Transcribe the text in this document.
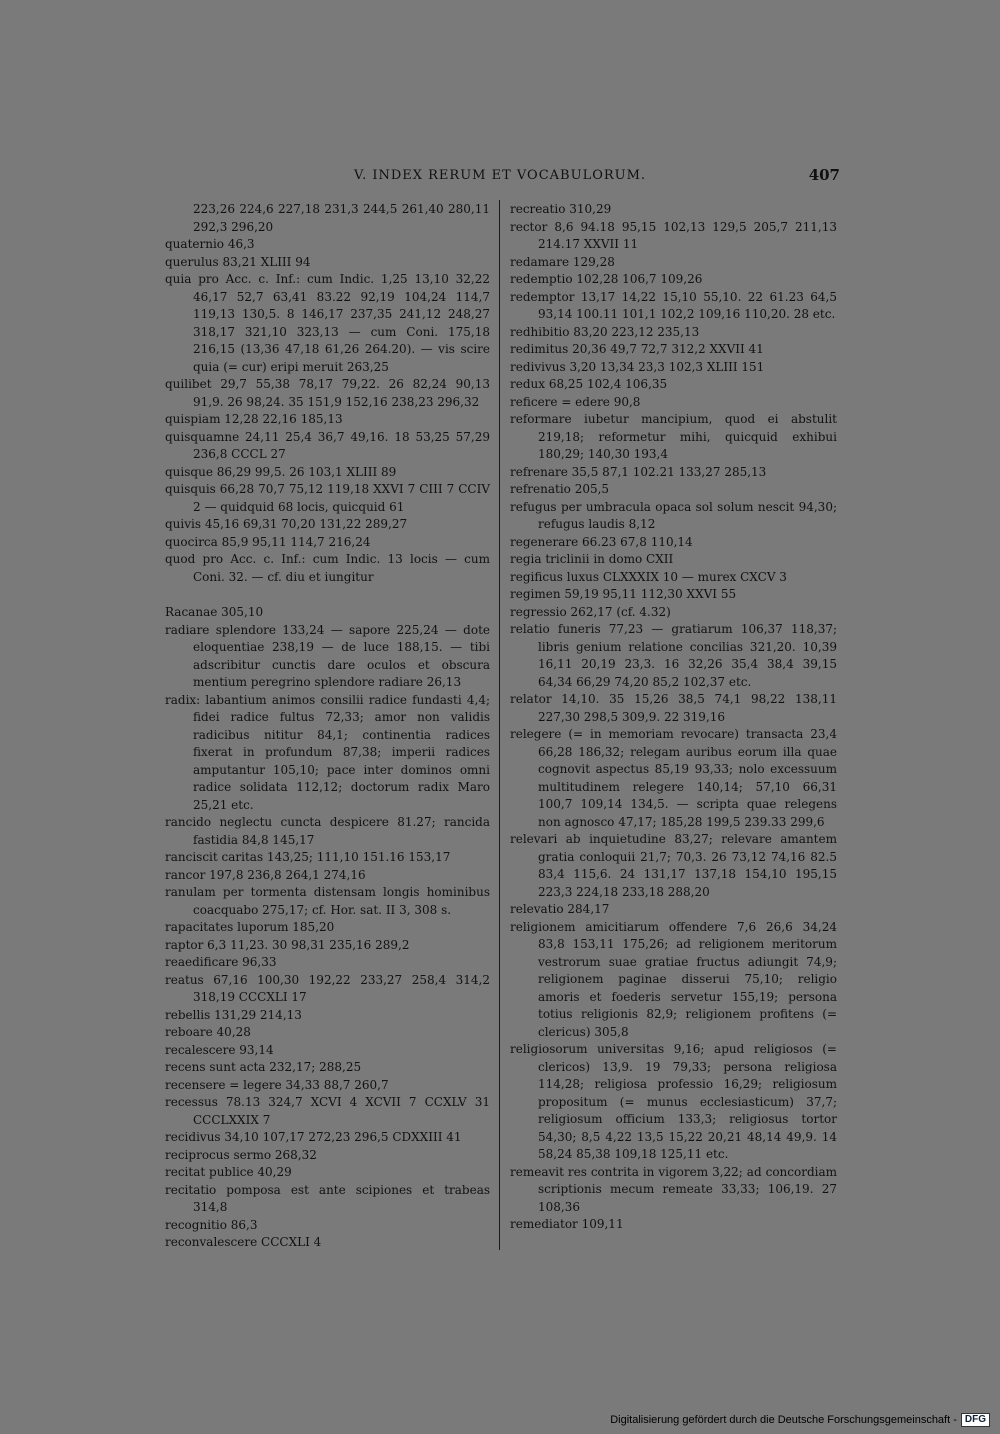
V. INDEX RERUM ET VOCABULORUM.	407

223,26 224,6 227,18 231,3 244,5 261,40 280,11 292,3 296,20

quaternio 46,3

querulus 83,21 XLIII 94

quia pro Acc. c. Inf.: cum Indic. 1,25 13,10 32,22 46,17 52,7 63,41 83.22 92,19 104,24 114,7 119,13 130,5. 8 146,17 237,35 241,12 248,27 318,17 321,10 323,13 — cum Coni. 175,18 216,15 (13,36 47,18 61,26 264.20). — vis scire quia (= cur) eripi meruit 263,25

quilibet 29,7 55,38 78,17 79,22. 26 82,24 90,13 91,9. 26 98,24. 35 151,9 152,16 238,23 296,32

quispiam 12,28 22,16 185,13

quisquamne 24,11 25,4 36,7 49,16. 18 53,25 57,29 236,8 CCCL 27

quisque 86,29 99,5. 26 103,1 XLIII 89

quisquis 66,28 70,7 75,12 119,18 XXVI 7 CIII 7 CCIV 2 — quidquid 68 locis, quicquid 61

quivis 45,16 69,31 70,20 131,22 289,27

quocirca 85,9 95,11 114,7 216,24

quod pro Acc. c. Inf.: cum Indic. 13 locis — cum Coni. 32. — cf. diu et iungitur

Racanae 305,10

radiare splendore 133,24 — sapore 225,24 — dote eloquentiae 238,19 — de luce 188,15. — tibi adscribitur cunctis dare oculos et obscura mentium peregrino splendore radiare 26,13

radix: labantium animos consilii radice fundasti 4,4; fidei radice fultus 72,33; amor non validis radicibus nititur 84,1; continentia radices fixerat in profundum 87,38; imperii radices amputantur 105,10; pace inter dominos omni radice solidata 112,12; doctorum radix Maro 25,21 etc.

rancido neglectu cuncta despicere 81.27; rancida fastidia 84,8 145,17

ranciscit caritas 143,25; 111,10 151.16 153,17

rancor 197,8 236,8 264,1 274,16

ranulam per tormenta distensam longis hominibus coacquabo 275,17; cf. Hor. sat. II 3, 308 s.

rapacitates luporum 185,20

raptor 6,3 11,23. 30 98,31 235,16 289,2

reaedificare 96,33

reatus 67,16 100,30 192,22 233,27 258,4 314,2 318,19 CCCXLI 17

rebellis 131,29 214,13

reboare 40,28

recalescere 93,14

recens sunt acta 232,17; 288,25

recensere = legere 34,33 88,7 260,7

recessus 78.13 324,7 XCVI 4 XCVII 7 CCXLV 31 CCCLXXIX 7

recidivus 34,10 107,17 272,23 296,5 CDXXIII 41

reciprocus sermo 268,32

recitat publice 40,29

recitatio pomposa est ante scipiones et trabeas 314,8

recognitio 86,3

reconvalescere CCCXLI 4

recreatio 310,29

rector 8,6 94.18 95,15 102,13 129,5 205,7 211,13 214.17 XXVII 11

redamare 129,28

redemptio 102,28 106,7 109,26

redemptor 13,17 14,22 15,10 55,10. 22 61.23 64,5 93,14 100.11 101,1 102,2 109,16 110,20. 28 etc.

redhibitio 83,20 223,12 235,13

redimitus 20,36 49,7 72,7 312,2 XXVII 41

redivivus 3,20 13,34 23,3 102,3 XLIII 151

redux 68,25 102,4 106,35

reficere = edere 90,8

reformare iubetur mancipium, quod ei abstulit 219,18; reformetur mihi, quicquid exhibui 180,29; 140,30 193,4

refrenare 35,5 87,1 102.21 133,27 285,13

refrenatio 205,5

refugus per umbracula opaca sol solum nescit 94,30; refugus laudis 8,12

regenerare 66.23 67,8 110,14

regia triclinii in domo CXII

regificus luxus CLXXXIX 10 — murex CXCV 3

regimen 59,19 95,11 112,30 XXVI 55

regressio 262,17 (cf. 4.32)

relatio funeris 77,23 — gratiarum 106,37 118,37; libris genium relatione concilias 321,20. 10,39 16,11 20,19 23,3. 16 32,26 35,4 38,4 39,15 64,34 66,29 74,20 85,2 102,37 etc.

relator 14,10. 35 15,26 38,5 74,1 98,22 138,11 227,30 298,5 309,9. 22 319,16

relegere (= in memoriam revocare) transacta 23,4 66,28 186,32; relegam auribus eorum illa quae cognovit aspectus 85,19 93,33; nolo excessuum multitudinem relegere 140,14; 57,10 66,31 100,7 109,14 134,5. — scripta quae relegens non agnosco 47,17; 185,28 199,5 239.33 299,6

relevari ab inquietudine 83,27; relevare amantem gratia conloquii 21,7; 70,3. 26 73,12 74,16 82.5 83,4 115,6. 24 131,17 137,18 154,10 195,15 223,3 224,18 233,18 288,20

relevatio 284,17

religionem amicitiarum offendere 7,6 26,6 34,24 83,8 153,11 175,26; ad religionem meritorum vestrorum suae gratiae fructus adiungit 74,9; religionem paginae disserui 75,10; religio amoris et foederis servetur 155,19; persona totius religionis 82,9; religionem profitens (= clericus) 305,8

religiosorum universitas 9,16; apud religiosos (= clericos) 13,9. 19 79,33; persona religiosa 114,28; religiosa professio 16,29; religiosum propositum (= munus ecclesiasticum) 37,7; religiosum officium 133,3; religiosus tortor 54,30; 8,5 4,22 13,5 15,22 20,21 48,14 49,9. 14 58,24 85,38 109,18 125,11 etc.

remeavit res contrita in vigorem 3,22; ad concordiam scriptionis mecum remeate 33,33; 106,19. 27 108,36

remediator 109,11

Digitalisierung gefördert durch die Deutsche Forschungsgemeinschaft - DFG
